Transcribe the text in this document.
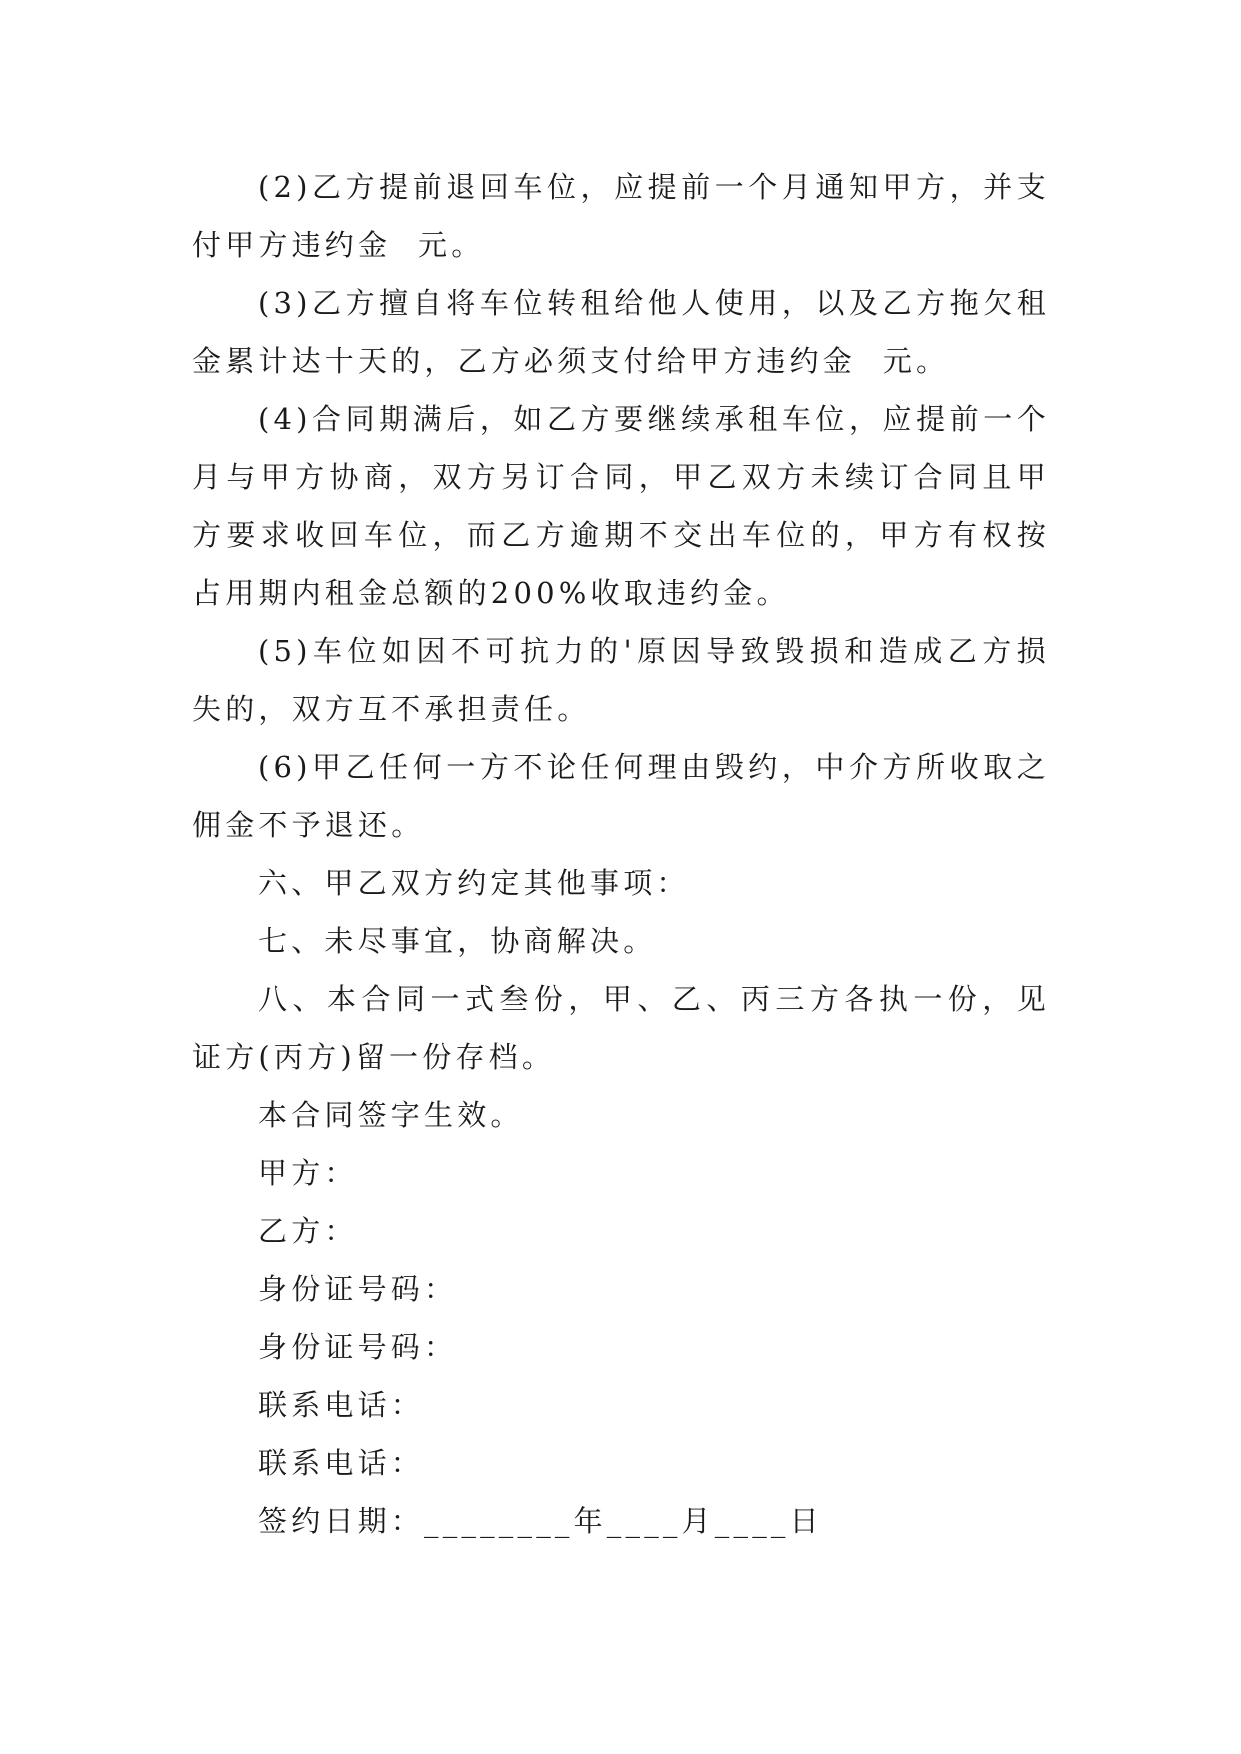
(2)乙方提前退回车位，应提前一个月通知甲方，并支付甲方违约金  元。

(3)乙方擅自将车位转租给他人使用，以及乙方拖欠租金累计达十天的，乙方必须支付给甲方违约金  元。

(4)合同期满后，如乙方要继续承租车位，应提前一个月与甲方协商，双方另订合同，甲乙双方未续订合同且甲方要求收回车位，而乙方逾期不交出车位的，甲方有权按占用期内租金总额的200%收取违约金。

(5)车位如因不可抗力的'原因导致毁损和造成乙方损失的，双方互不承担责任。

(6)甲乙任何一方不论任何理由毁约，中介方所收取之佣金不予退还。

六、甲乙双方约定其他事项：

七、未尽事宜，协商解决。

八、本合同一式叁份，甲、乙、丙三方各执一份，见证方(丙方)留一份存档。

本合同签字生效。

甲方：

乙方：

身份证号码：

身份证号码：

联系电话：

联系电话：

签约日期：________年____月____日
